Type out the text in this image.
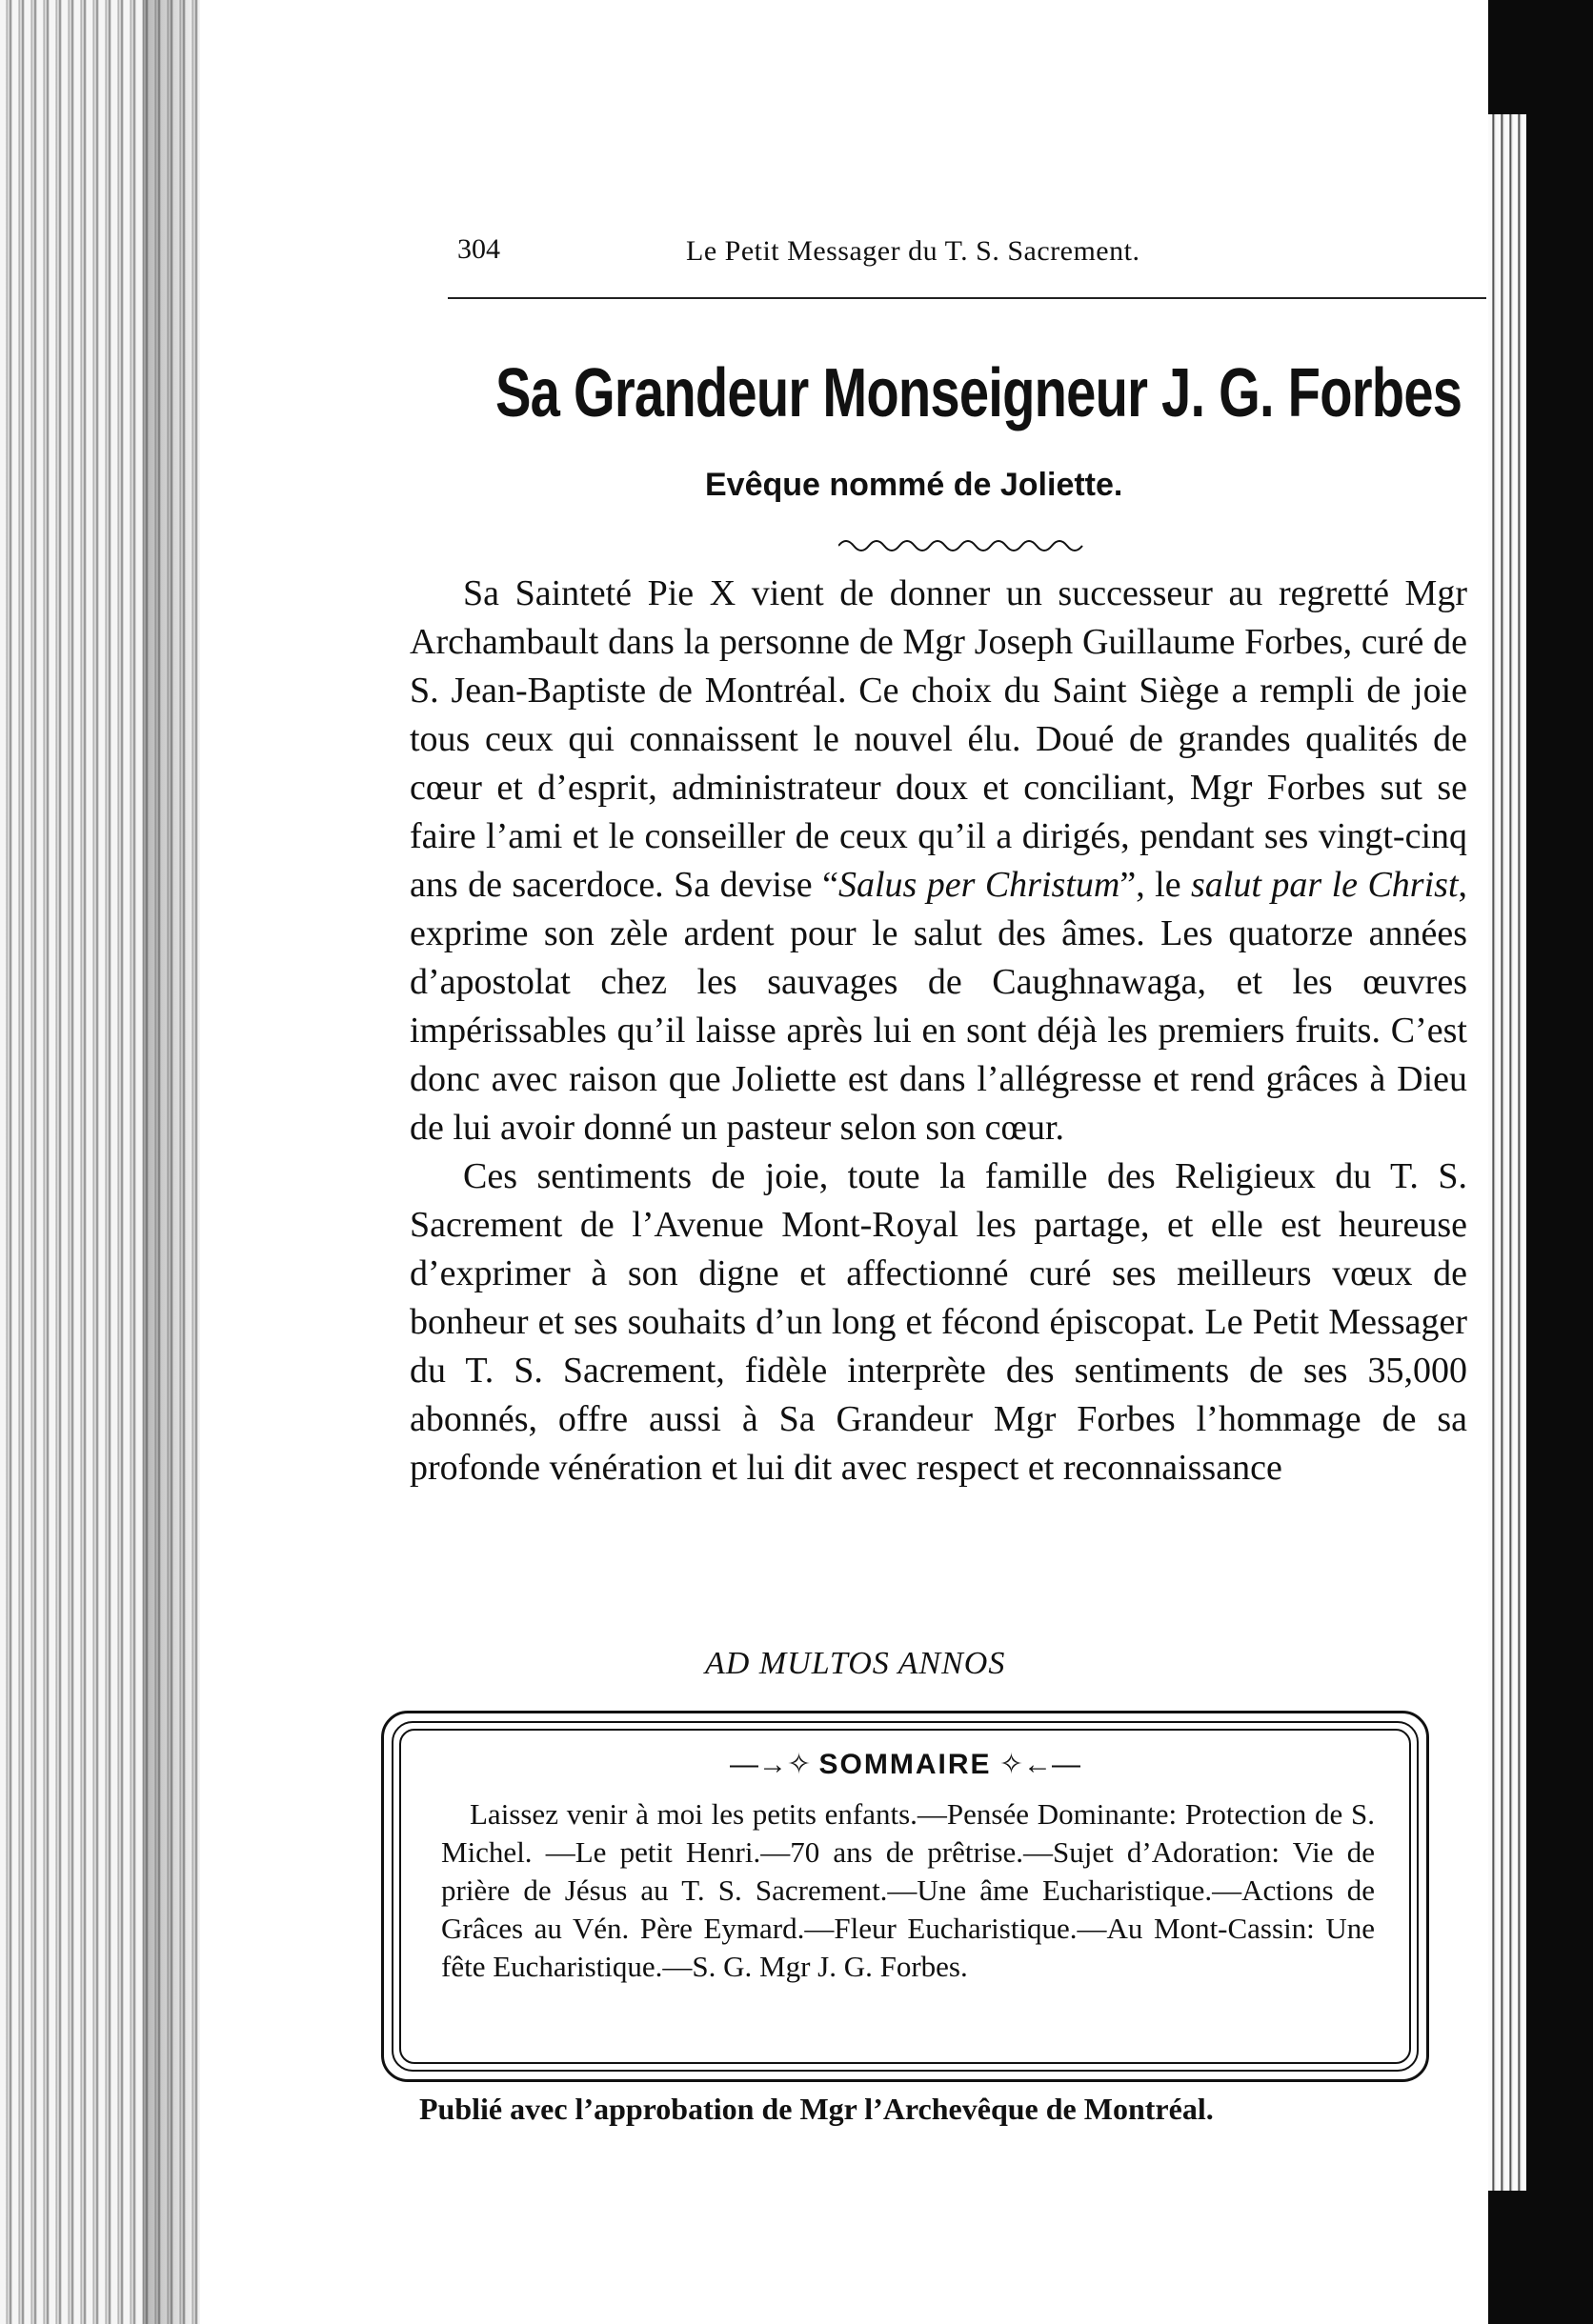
304	Le Petit Messager du T. S. Sacrement.
Sa Grandeur Monseigneur J. G. Forbes
Evêque nommé de Joliette.

Sa Sainteté Pie X vient de donner un successeur au regretté Mgr Archambault dans la personne de Mgr Joseph Guillaume Forbes, curé de S. Jean-Baptiste de Montréal. Ce choix du Saint Siège a rempli de joie tous ceux qui connaissent le nouvel élu. Doué de grandes qualités de cœur et d’esprit, administrateur doux et conciliant, Mgr Forbes sut se faire l’ami et le conseiller de ceux qu’il a dirigés, pendant ses vingt-cinq ans de sacerdoce. Sa devise “Salus per Christum”, le salut par le Christ, exprime son zèle ardent pour le salut des âmes. Les quatorze années d’apostolat chez les sauvages de Caughnawaga, et les œuvres impérissables qu’il laisse après lui en sont déjà les premiers fruits. C’est donc avec raison que Joliette est dans l’allégresse et rend grâces à Dieu de lui avoir donné un pasteur selon son cœur.

Ces sentiments de joie, toute la famille des Religieux du T. S. Sacrement de l’Avenue Mont-Royal les partage, et elle est heureuse d’exprimer à son digne et affectionné curé ses meilleurs vœux de bonheur et ses souhaits d’un long et fécond épiscopat. Le Petit Messager du T. S. Sacrement, fidèle interprète des sentiments de ses 35,000 abonnés, offre aussi à Sa Grandeur Mgr Forbes l’hommage de sa profonde vénération et lui dit avec respect et reconnaissance

AD MULTOS ANNOS
—→✧ SOMMAIRE ✧←—

Laissez venir à moi les petits enfants.—Pensée Dominante: Protection de S. Michel. —Le petit Henri.—70 ans de prêtrise.—Sujet d’Adoration: Vie de prière de Jésus au T. S. Sacrement.—Une âme Eucharistique.—Actions de Grâces au Vén. Père Eymard.—Fleur Eucharistique.—Au Mont-Cassin: Une fête Eucharistique.—S. G. Mgr J. G. Forbes.

Publié avec l’approbation de Mgr l’Archevêque de Montréal.
